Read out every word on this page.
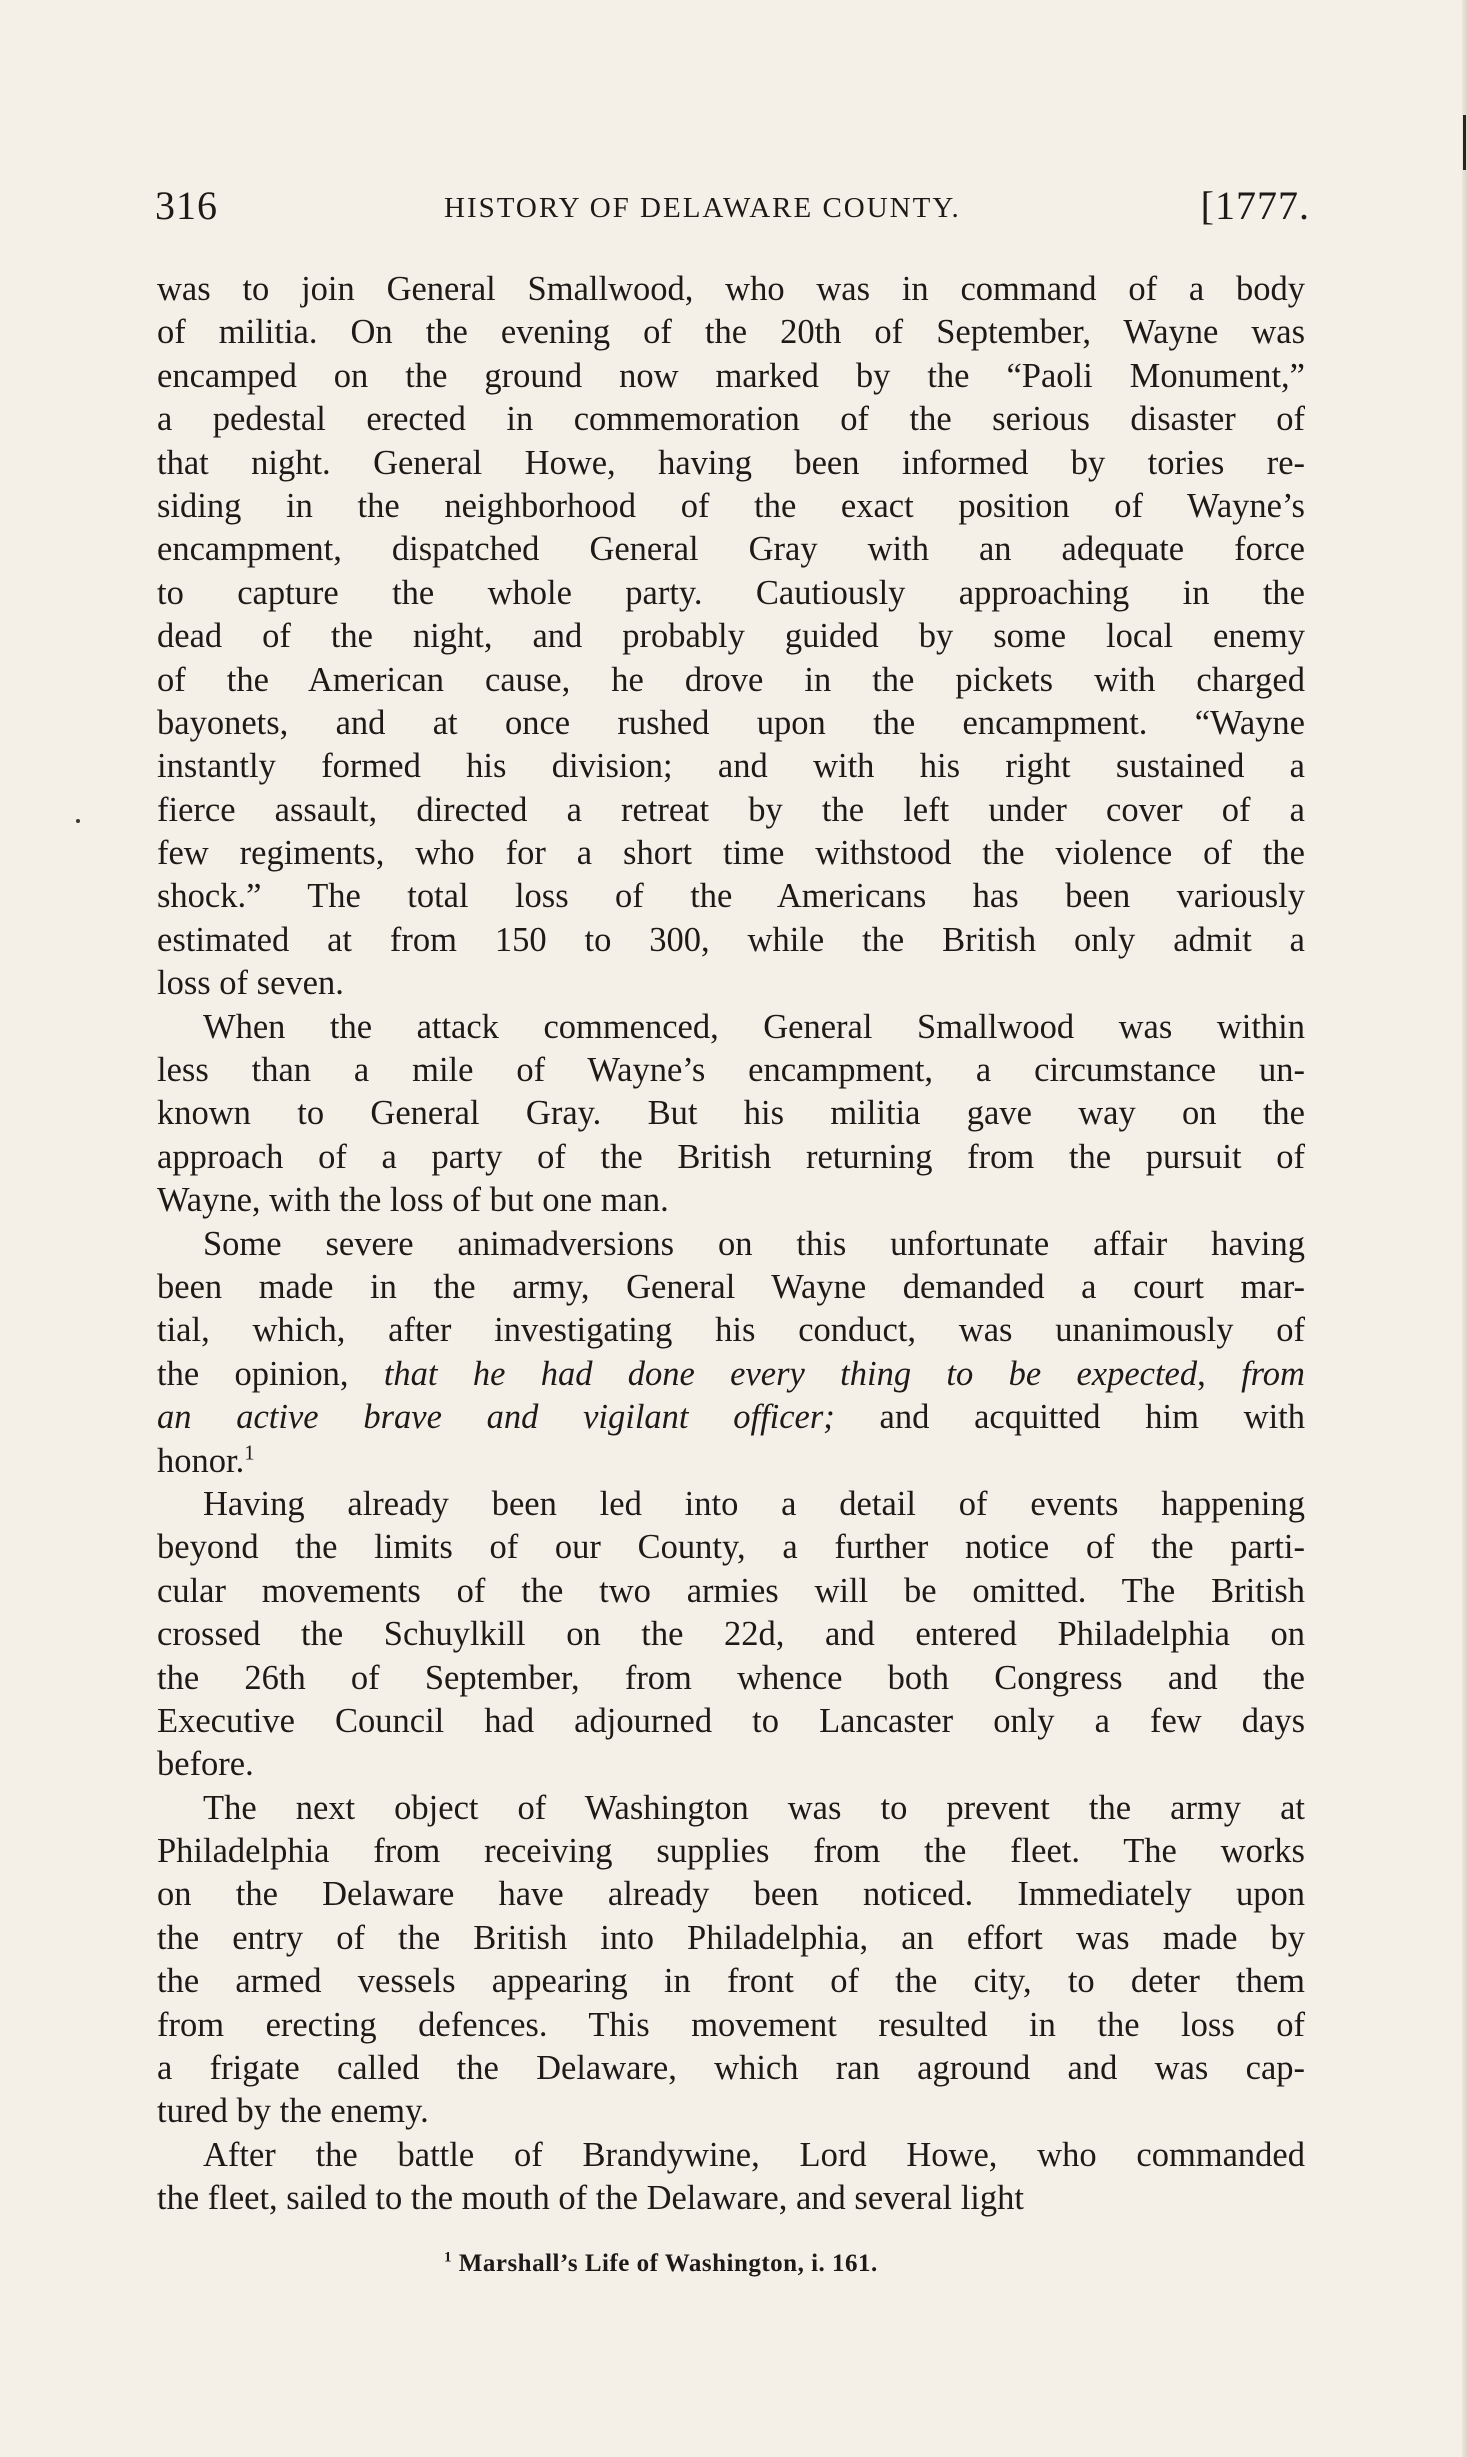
316	HISTORY OF DELAWARE COUNTY.	[1777.
was to join General Smallwood, who was in command of a body
of militia. On the evening of the 20th of September, Wayne was
encamped on the ground now marked by the “Paoli Monument,”
a pedestal erected in commemoration of the serious disaster of
that night. General Howe, having been informed by tories re-
siding in the neighborhood of the exact position of Wayne’s
encampment, dispatched General Gray with an adequate force
to capture the whole party. Cautiously approaching in the
dead of the night, and probably guided by some local enemy
of the American cause, he drove in the pickets with charged
bayonets, and at once rushed upon the encampment. “Wayne
instantly formed his division; and with his right sustained a
fierce assault, directed a retreat by the left under cover of a
few regiments, who for a short time withstood the violence of the
shock.” The total loss of the Americans has been variously
estimated at from 150 to 300, while the British only admit a
loss of seven.
When the attack commenced, General Smallwood was within
less than a mile of Wayne’s encampment, a circumstance un-
known to General Gray. But his militia gave way on the
approach of a party of the British returning from the pursuit of
Wayne, with the loss of but one man.
Some severe animadversions on this unfortunate affair having
been made in the army, General Wayne demanded a court mar-
tial, which, after investigating his conduct, was unanimously of
the opinion, that he had done every thing to be expected, from
an active brave and vigilant officer; and acquitted him with
honor.$^1$
Having already been led into a detail of events happening
beyond the limits of our County, a further notice of the parti-
cular movements of the two armies will be omitted. The British
crossed the Schuylkill on the 22d, and entered Philadelphia on
the 26th of September, from whence both Congress and the
Executive Council had adjourned to Lancaster only a few days
before.
The next object of Washington was to prevent the army at
Philadelphia from receiving supplies from the fleet. The works
on the Delaware have already been noticed. Immediately upon
the entry of the British into Philadelphia, an effort was made by
the armed vessels appearing in front of the city, to deter them
from erecting defences. This movement resulted in the loss of
a frigate called the Delaware, which ran aground and was cap-
tured by the enemy.
After the battle of Brandywine, Lord Howe, who commanded
the fleet, sailed to the mouth of the Delaware, and several light
$^1$ Marshall’s Life of Washington, i. 161.
